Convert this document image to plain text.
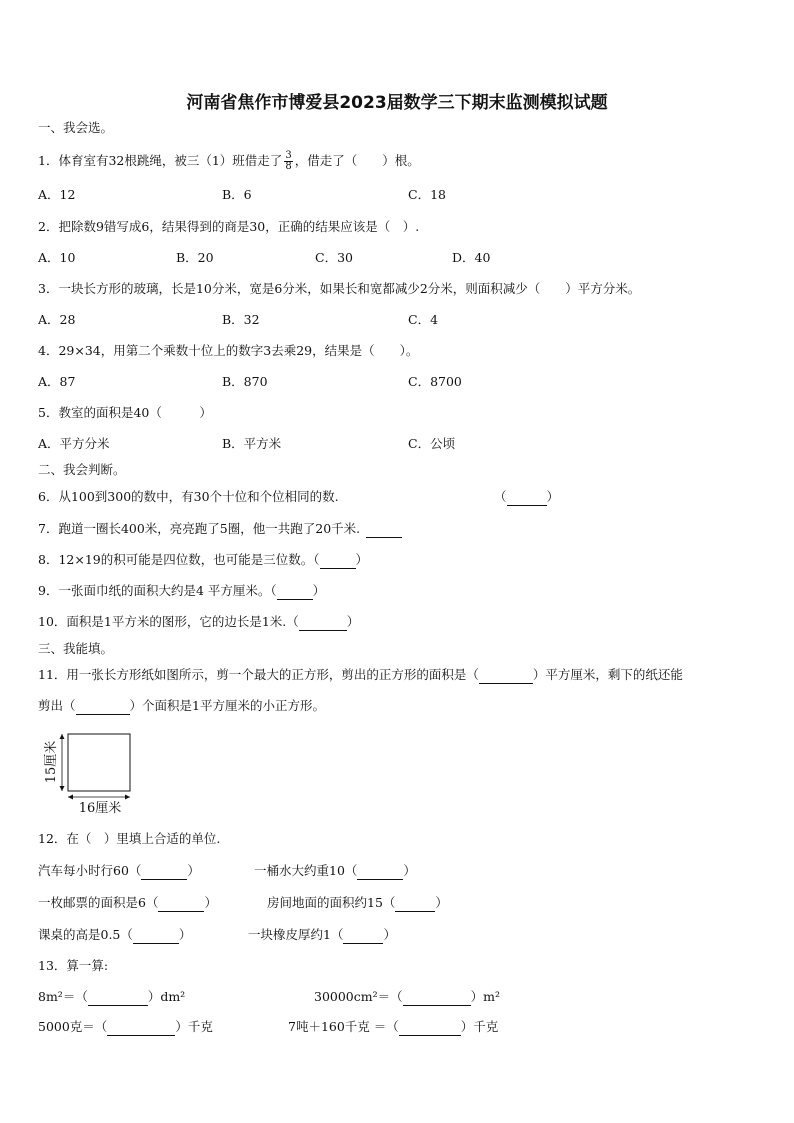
河南省焦作市博爱县2023届数学三下期末监测模拟试题
一、我会选。
1．体育室有32根跳绳，被三（1）班借走了 $\frac{3}{8}$ ，借走了（　　）根。
A．12	B．6	C．18
2．把除数9错写成6，结果得到的商是30，正确的结果应该是（　）.
A．10	B．20	C．30	D．40
3．一块长方形的玻璃，长是10分米，宽是6分米，如果长和宽都减少2分米，则面积减少（　　）平方分米。
A．28	B．32	C．4
4．29×34，用第二个乘数十位上的数字3去乘29，结果是（　　）。
A．87	B．870	C．8700
5．教室的面积是40（　　　）
A．平方分米	B．平方米	C．公顷
二、我会判断。
6．从100到300的数中，有30个十位和个位相同的数.	（	）
7．跑道一圈长400米，亮亮跑了5圈，他一共跑了20千米.
8．12×19的积可能是四位数，也可能是三位数。（	）
9．一张面巾纸的面积大约是4 平方厘米。（	）
10．面积是1平方米的图形，它的边长是1米.（	）
三、我能填。
11．用一张长方形纸如图所示，剪一个最大的正方形，剪出的正方形的面积是（	）平方厘米，剩下的纸还能
剪出（	）个面积是1平方厘米的小正方形。
15厘米
16厘米
12．在（　）里填上合适的单位.
汽车每小时行60（	）	一桶水大约重10（	）
一枚邮票的面积是6（	）	房间地面的面积约15（	）
课桌的高是0.5（	）	一块橡皮厚约1（	）
13．算一算:
8m²＝（	）dm²	30000cm²＝（	）m²
5000克＝（	）千克	7吨＋160千克 ＝（	）千克
